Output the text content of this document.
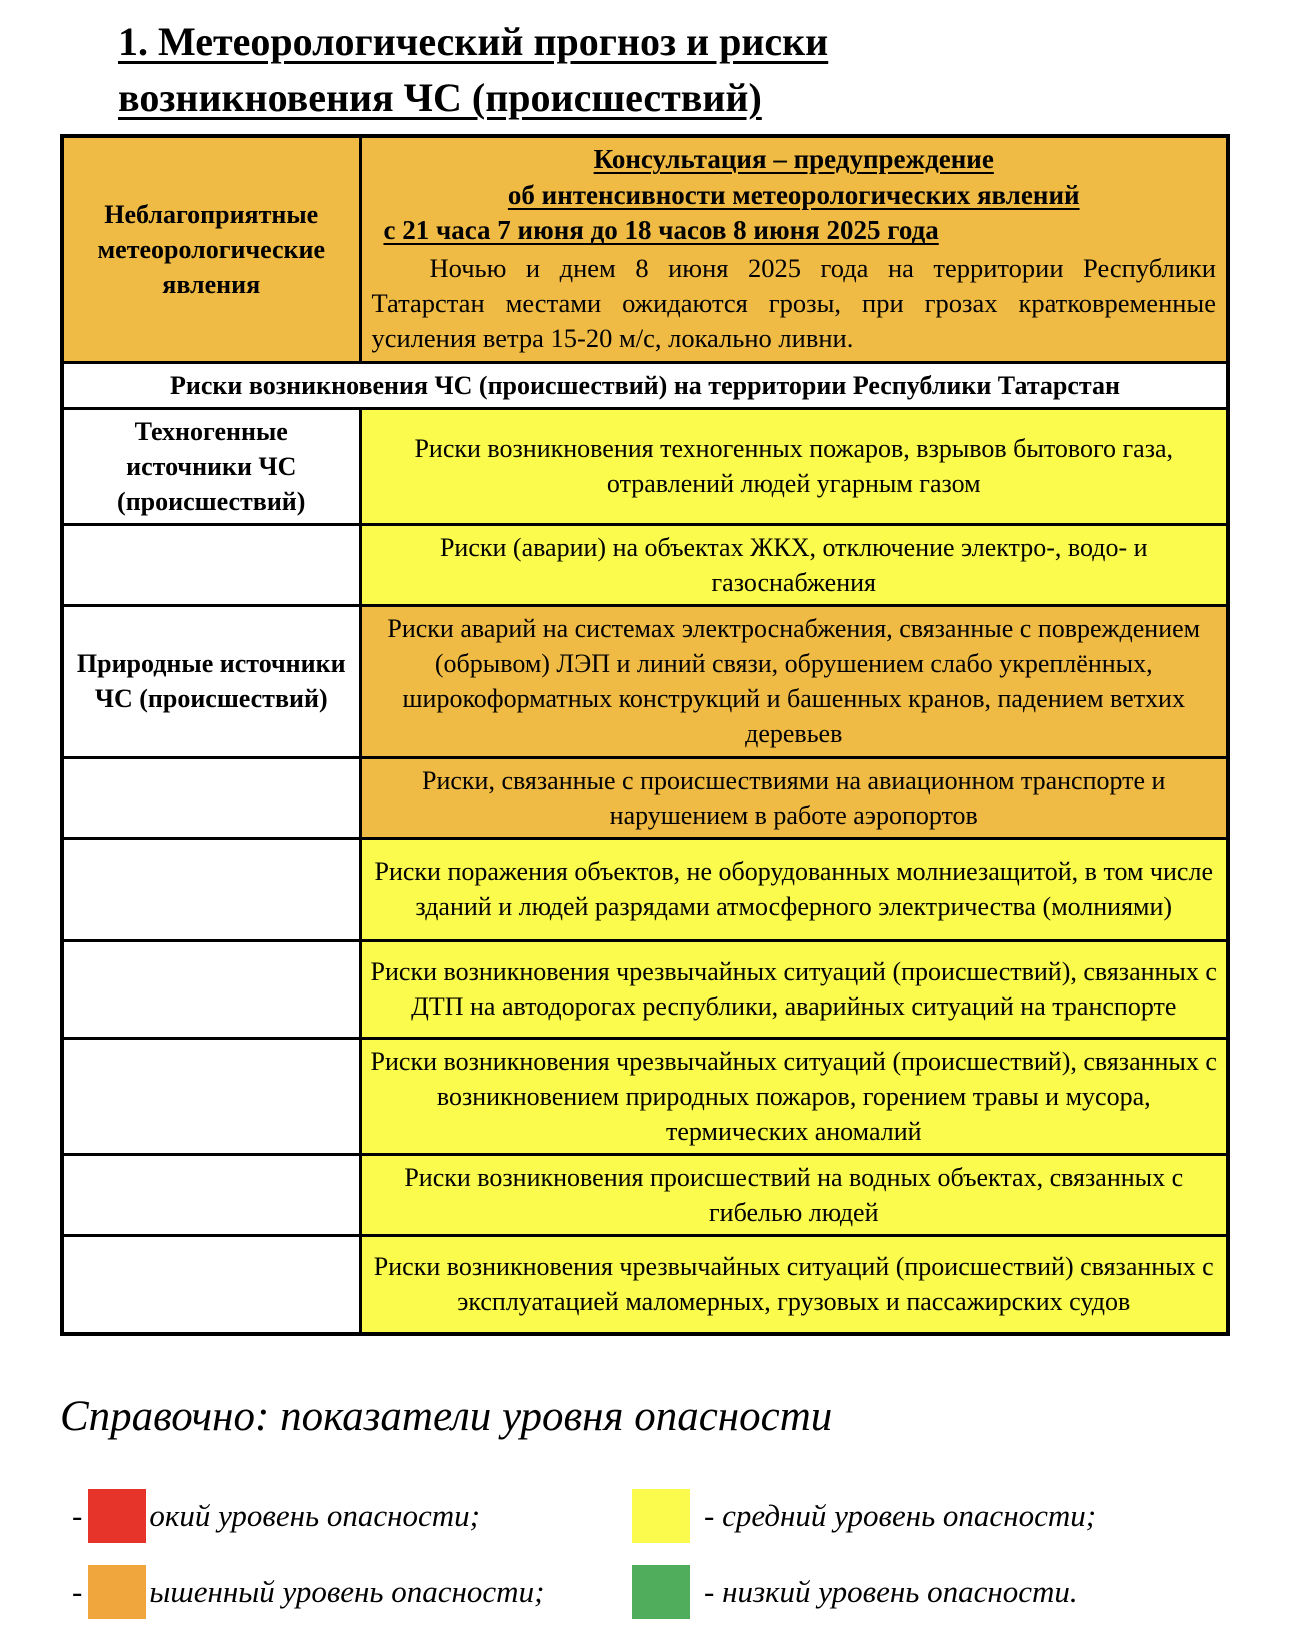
1. Метеорологический прогноз и риски возникновения ЧС (происшествий)
Неблагоприятные метеорологические явления	Консультация – предупреждение
об интенсивности метеорологических явлений
с 21 часа 7 июня до 18 часов 8 июня 2025 года
Ночью и днем 8 июня 2025 года на территории Республики Татарстан местами ожидаются грозы, при грозах кратковременные усиления ветра 15-20 м/с, локально ливни.

Риски возникновения ЧС (происшествий) на территории Республики Татарстан	
Техногенные источники ЧС (происшествий)	Риски возникновения техногенных пожаров, взрывов бытового газа, отравлений людей угарным газом
	Риски (аварии) на объектах ЖКХ, отключение электро-, водо- и газоснабжения
Природные источники ЧС (происшествий)	Риски аварий на системах электроснабжения, связанные с повреждением (обрывом) ЛЭП и линий связи, обрушением слабо укреплённых, широкоформатных конструкций и башенных кранов, падением ветхих деревьев
	Риски, связанные с происшествиями на авиационном транспорте и нарушением в работе аэропортов
	Риски поражения объектов, не оборудованных молниезащитой, в том числе зданий и людей разрядами атмосферного электричества (молниями)
	Риски возникновения чрезвычайных ситуаций (происшествий), связанных с ДТП на автодорогах республики, аварийных ситуаций на транспорте
	Риски возникновения чрезвычайных ситуаций (происшествий), связанных с возникновением природных пожаров, горением травы и мусора, термических аномалий
	Риски возникновения происшествий на водных объектах, связанных с гибелью людей
	Риски возникновения чрезвычайных ситуаций (происшествий) связанных с эксплуатацией маломерных, грузовых и пассажирских судов
Справочно: показатели уровня опасности
- окий уровень опасности;	- средний уровень опасности;
- ышенный уровень опасности;	- низкий уровень опасности.
